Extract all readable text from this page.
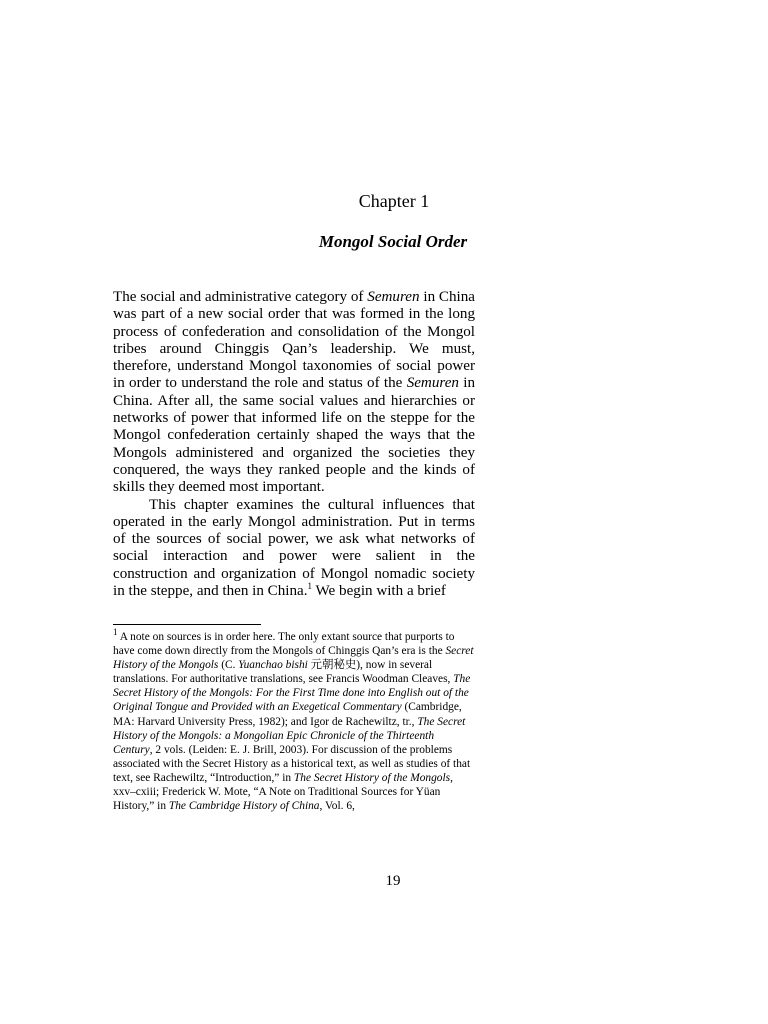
Chapter 1
Mongol Social Order

The social and administrative category of Semuren in China was part of a new social order that was formed in the long process of confederation and consolidation of the Mongol tribes around Chinggis Qan’s leadership. We must, therefore, understand Mongol taxonomies of social power in order to understand the role and status of the Semuren in China. After all, the same social values and hierarchies or networks of power that informed life on the steppe for the Mongol confederation certainly shaped the ways that the Mongols administered and organized the societies they conquered, the ways they ranked people and the kinds of skills they deemed most important.

This chapter examines the cultural influences that operated in the early Mongol administration. Put in terms of the sources of social power, we ask what networks of social interaction and power were salient in the construction and organization of Mongol nomadic society in the steppe, and then in China.$^1$ We begin with a brief

$^1$ A note on sources is in order here. The only extant source that purports to have come down directly from the Mongols of Chinggis Qan’s era is the Secret History of the Mongols (C. Yuanchao bishi 元朝秘史), now in several translations. For authoritative translations, see Francis Woodman Cleaves, The Secret History of the Mongols: For the First Time done into English out of the Original Tongue and Provided with an Exegetical Commentary (Cambridge, MA: Harvard University Press, 1982); and Igor de Rachewiltz, tr., The Secret History of the Mongols: a Mongolian Epic Chronicle of the Thirteenth Century, 2 vols. (Leiden: E. J. Brill, 2003). For discussion of the problems associated with the Secret History as a historical text, as well as studies of that text, see Rachewiltz, “Introduction,” in The Secret History of the Mongols, xxv–cxiii; Frederick W. Mote, “A Note on Traditional Sources for Yüan History,” in The Cambridge History of China, Vol. 6,

19
